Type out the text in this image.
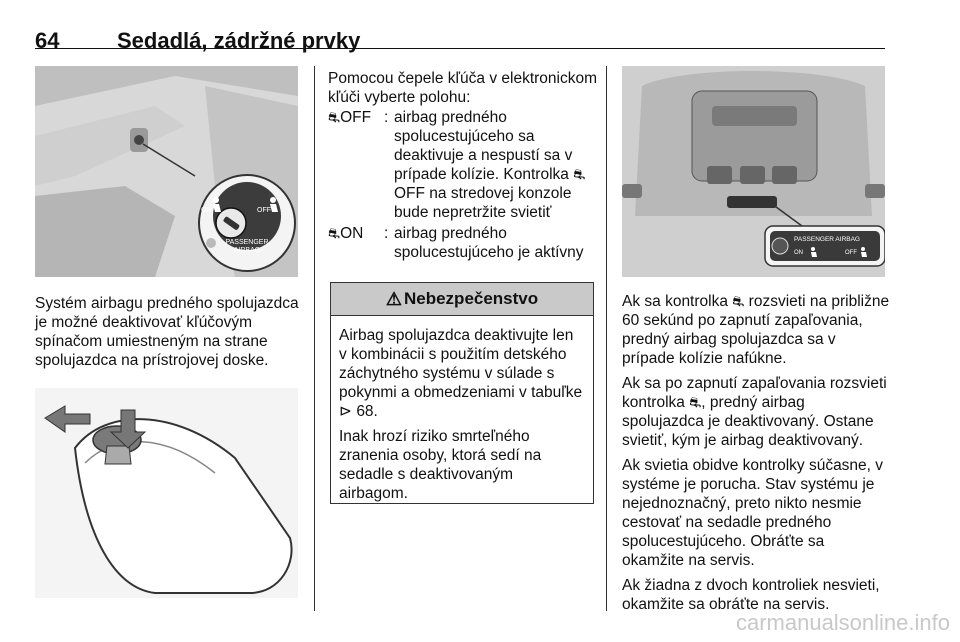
64	Sedadlá, zádržné prvky
ON	OFF
PASSENGER
AIRBAG

Systém airbagu predného spolujazdca je možné deaktivovať kľúčovým spínačom umiestneným na strane spolujazdca na prístrojovej doske.

Pomocou čepele kľúča v elektronickom kľúči vyberte polohu:

⛐OFF : airbag predného spolucestujúceho sa deaktivuje a nespustí sa v prípade kolízie. Kontrolka ⛐OFF na stredovej konzole bude nepretržite svietiť
⛐ON	: airbag predného spolucestujúceho je aktívny
⚠ Nebezpečenstvo

Airbag spolujazdca deaktivujte len v kombinácii s použitím detského záchytného systému v súlade s pokynmi a obmedzeniami v tabuľke ⊳ 68.

Inak hrozí riziko smrteľného zranenia osoby, ktorá sedí na sedadle s deaktivovaným airbagom.

PASSENGER AIRBAG
ON	OFF

Ak sa kontrolka ⛐ rozsvieti na približne 60 sekúnd po zapnutí zapaľovania, predný airbag spolujazdca sa v prípade kolízie nafúkne.

Ak sa po zapnutí zapaľovania rozsvieti kontrolka ⛐, predný airbag spolujazdca je deaktivovaný. Ostane svietiť, kým je airbag deaktivovaný.

Ak svietia obidve kontrolky súčasne, v systéme je porucha. Stav systému je nejednoznačný, preto nikto nesmie cestovať na sedadle predného spolucestujúceho. Obráťte sa okamžite na servis.

Ak žiadna z dvoch kontroliek nesvieti, okamžite sa obráťte na servis.

carmanualsonline.info
